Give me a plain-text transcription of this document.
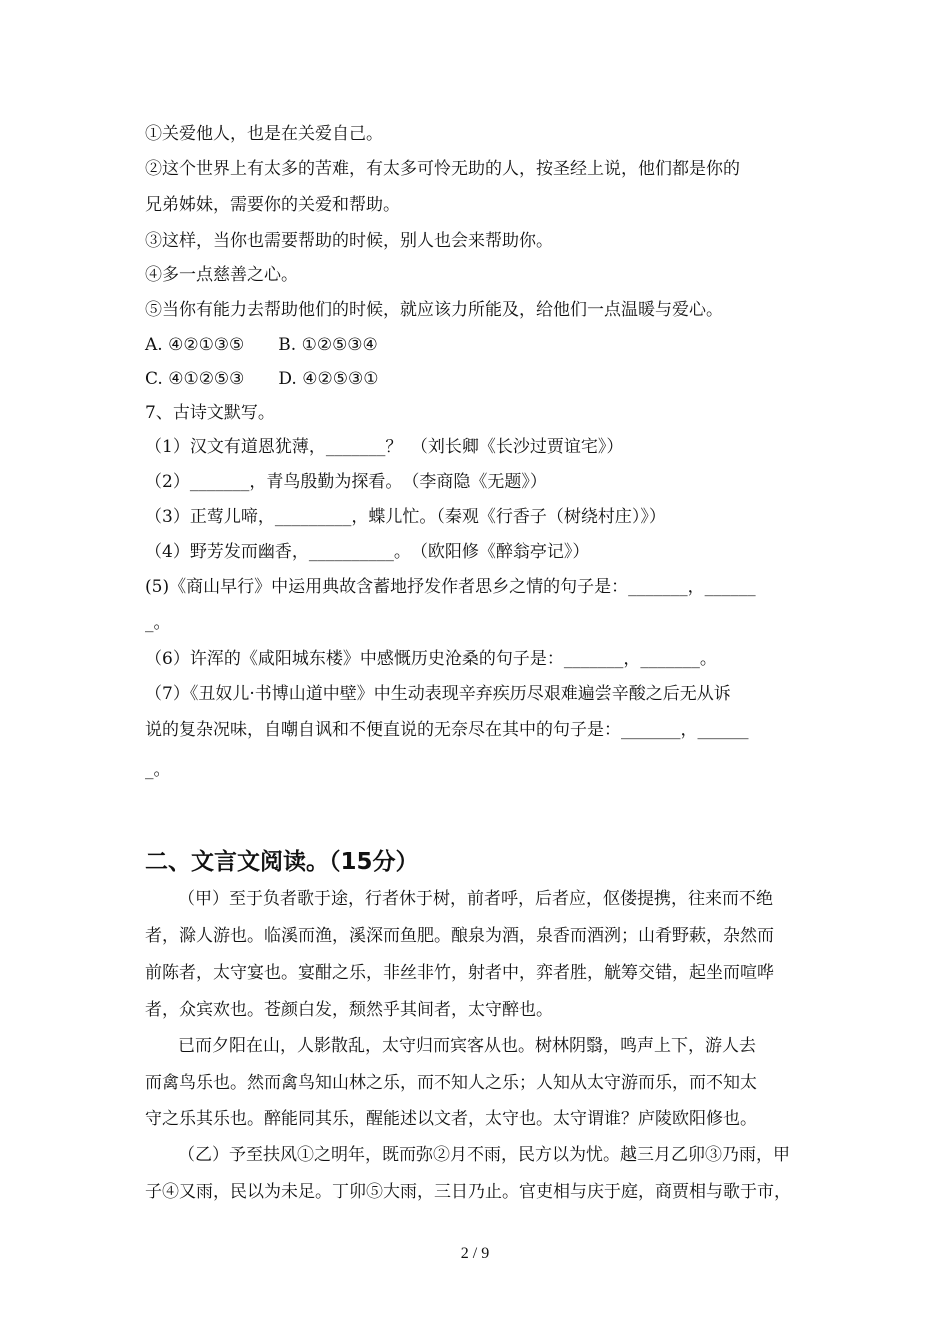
①关爱他人，也是在关爱自己。
②这个世界上有太多的苦难，有太多可怜无助的人，按圣经上说，他们都是你的
兄弟姊妹，需要你的关爱和帮助。
③这样，当你也需要帮助的时候，别人也会来帮助你。
④多一点慈善之心。
⑤当你有能力去帮助他们的时候，就应该力所能及，给他们一点温暖与爱心。
A. ④②①③⑤　　B. ①②⑤③④
C. ④①②⑤③　　D. ④②⑤③①
7、古诗文默写。
（1）汉文有道恩犹薄，_______？　（刘长卿《长沙过贾谊宅》）
（2）_______，青鸟殷勤为探看。　（李商隐《无题》）
（3）正莺儿啼，_________，蝶儿忙。（秦观《行香子（树绕村庄）》）
（4）野芳发而幽香，__________。　（欧阳修《醉翁亭记》）
(5)《商山早行》中运用典故含蓄地抒发作者思乡之情的句子是：_______，______
_。
（6）许浑的《咸阳城东楼》中感慨历史沧桑的句子是：_______，_______。
（7）《丑奴儿·书博山道中壁》中生动表现辛弃疾历尽艰难遍尝辛酸之后无从诉
说的复杂况味，自嘲自讽和不便直说的无奈尽在其中的句子是：_______，______
_。
二、文言文阅读。（15分）
（甲）至于负者歌于途，行者休于树，前者呼，后者应，伛偻提携，往来而不绝
者，滁人游也。临溪而渔，溪深而鱼肥。酿泉为酒，泉香而酒洌；山肴野蔌，杂然而
前陈者，太守宴也。宴酣之乐，非丝非竹，射者中，弈者胜，觥筹交错，起坐而喧哗
者，众宾欢也。苍颜白发，颓然乎其间者，太守醉也。
已而夕阳在山，人影散乱，太守归而宾客从也。树林阴翳，鸣声上下，游人去
而禽鸟乐也。然而禽鸟知山林之乐，而不知人之乐；人知从太守游而乐，而不知太
守之乐其乐也。醉能同其乐，醒能述以文者，太守也。太守谓谁？庐陵欧阳修也。
（乙）予至扶风①之明年，既而弥②月不雨，民方以为忧。越三月乙卯③乃雨，甲
子④又雨，民以为未足。丁卯⑤大雨，三日乃止。官吏相与庆于庭，商贾相与歌于市，
2 / 9
